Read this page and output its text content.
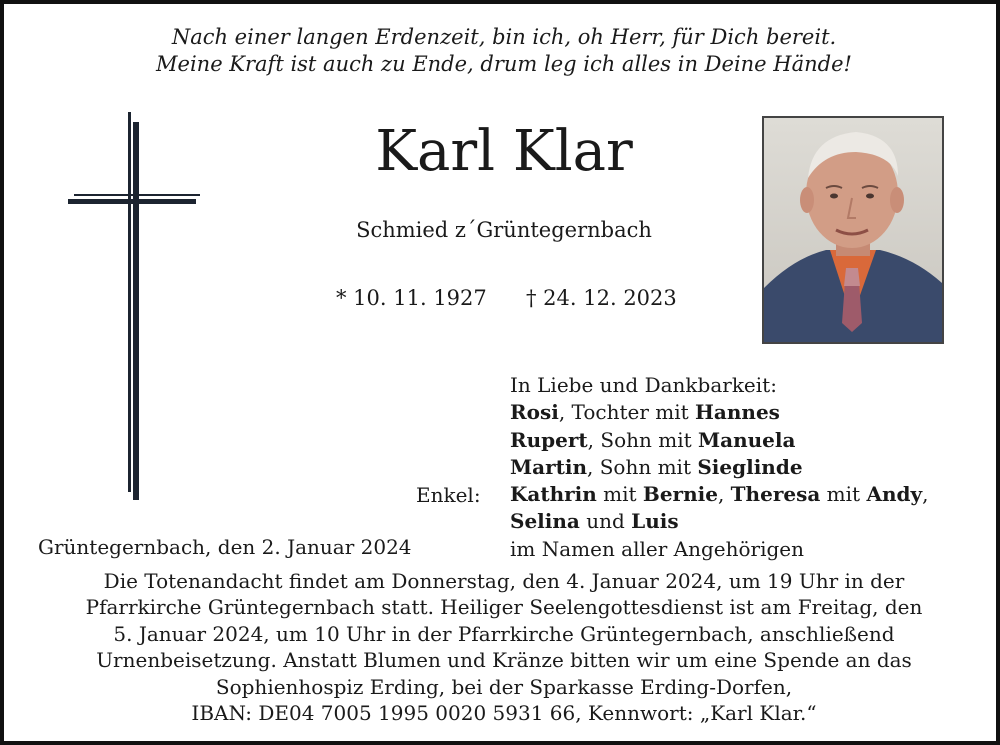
Nach einer langen Erdenzeit, bin ich, oh Herr, für Dich bereit.
Meine Kraft ist auch zu Ende, drum leg ich alles in Deine Hände!
Karl Klar
Schmied z´Grüntegernbach
* 10. 11. 1927 † 24. 12. 2023
In Liebe und Dankbarkeit:
Rosi, Tochter mit Hannes
Rupert, Sohn mit Manuela
Martin, Sohn mit Sieglinde
Kathrin mit Bernie, Theresa mit Andy,
Selina und Luis
im Namen aller Angehörigen
Enkel:
Grüntegernbach, den 2. Januar 2024
Die Totenandacht findet am Donnerstag, den 4. Januar 2024, um 19 Uhr in der
Pfarrkirche Grüntegernbach statt. Heiliger Seelengottesdienst ist am Freitag, den
5. Januar 2024, um 10 Uhr in der Pfarrkirche Grüntegernbach, anschließend
Urnenbeisetzung. Anstatt Blumen und Kränze bitten wir um eine Spende an das
Sophienhospiz Erding, bei der Sparkasse Erding-Dorfen,
IBAN: DE04 7005 1995 0020 5931 66, Kennwort: „Karl Klar.“
